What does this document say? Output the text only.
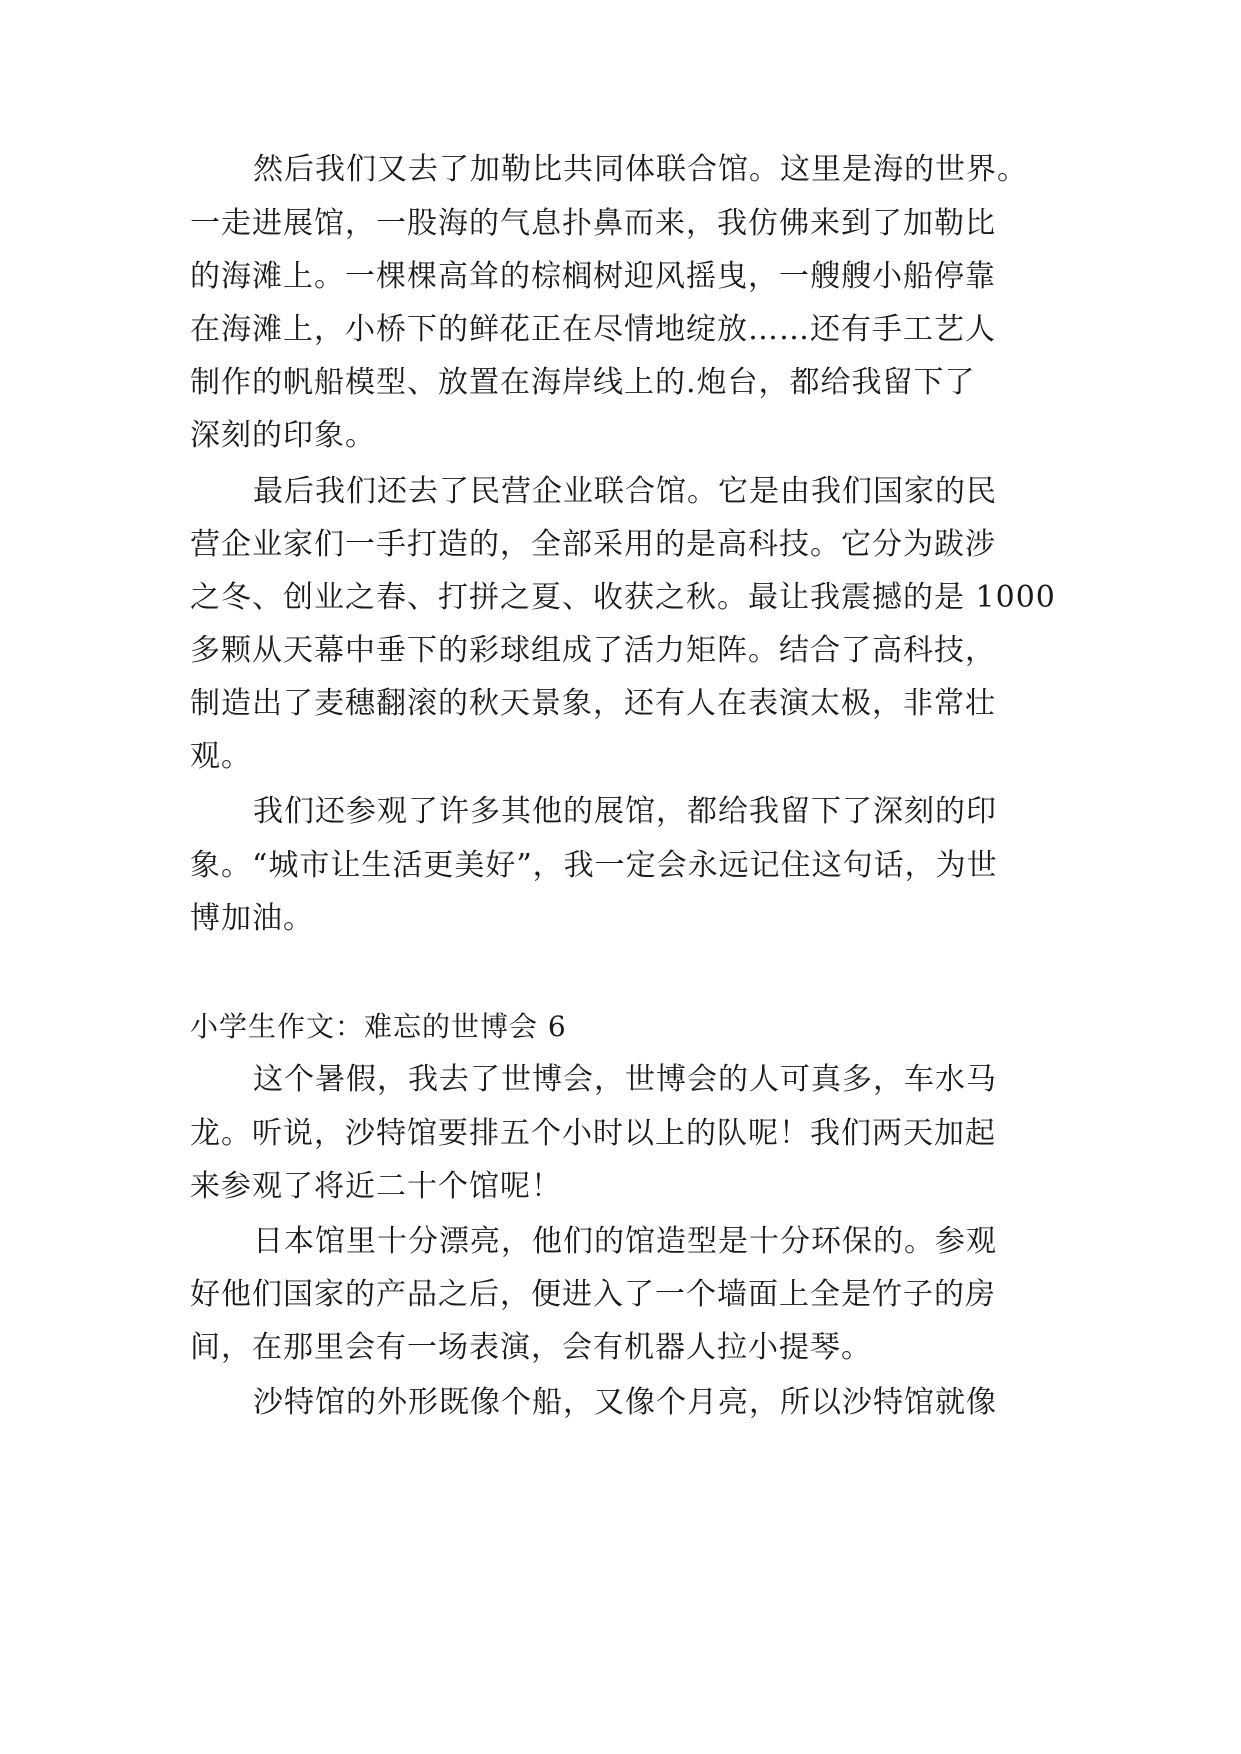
然后我们又去了加勒比共同体联合馆。这里是海的世界。
一走进展馆，一股海的气息扑鼻而来，我仿佛来到了加勒比
的海滩上。一棵棵高耸的棕榈树迎风摇曳，一艘艘小船停靠
在海滩上，小桥下的鲜花正在尽情地绽放……还有手工艺人
制作的帆船模型、放置在海岸线上的.炮台，都给我留下了
深刻的印象。
最后我们还去了民营企业联合馆。它是由我们国家的民
营企业家们一手打造的，全部采用的是高科技。它分为跋涉
之冬、创业之春、打拼之夏、收获之秋。最让我震撼的是 1000
多颗从天幕中垂下的彩球组成了活力矩阵。结合了高科技，
制造出了麦穗翻滚的秋天景象，还有人在表演太极，非常壮
观。
我们还参观了许多其他的展馆，都给我留下了深刻的印
象。“城市让生活更美好”，我一定会永远记住这句话，为世
博加油。
小学生作文：难忘的世博会 6
这个暑假，我去了世博会，世博会的人可真多，车水马
龙。听说，沙特馆要排五个小时以上的队呢！我们两天加起
来参观了将近二十个馆呢！
日本馆里十分漂亮，他们的馆造型是十分环保的。参观
好他们国家的产品之后，便进入了一个墙面上全是竹子的房
间，在那里会有一场表演，会有机器人拉小提琴。
沙特馆的外形既像个船，又像个月亮，所以沙特馆就像
